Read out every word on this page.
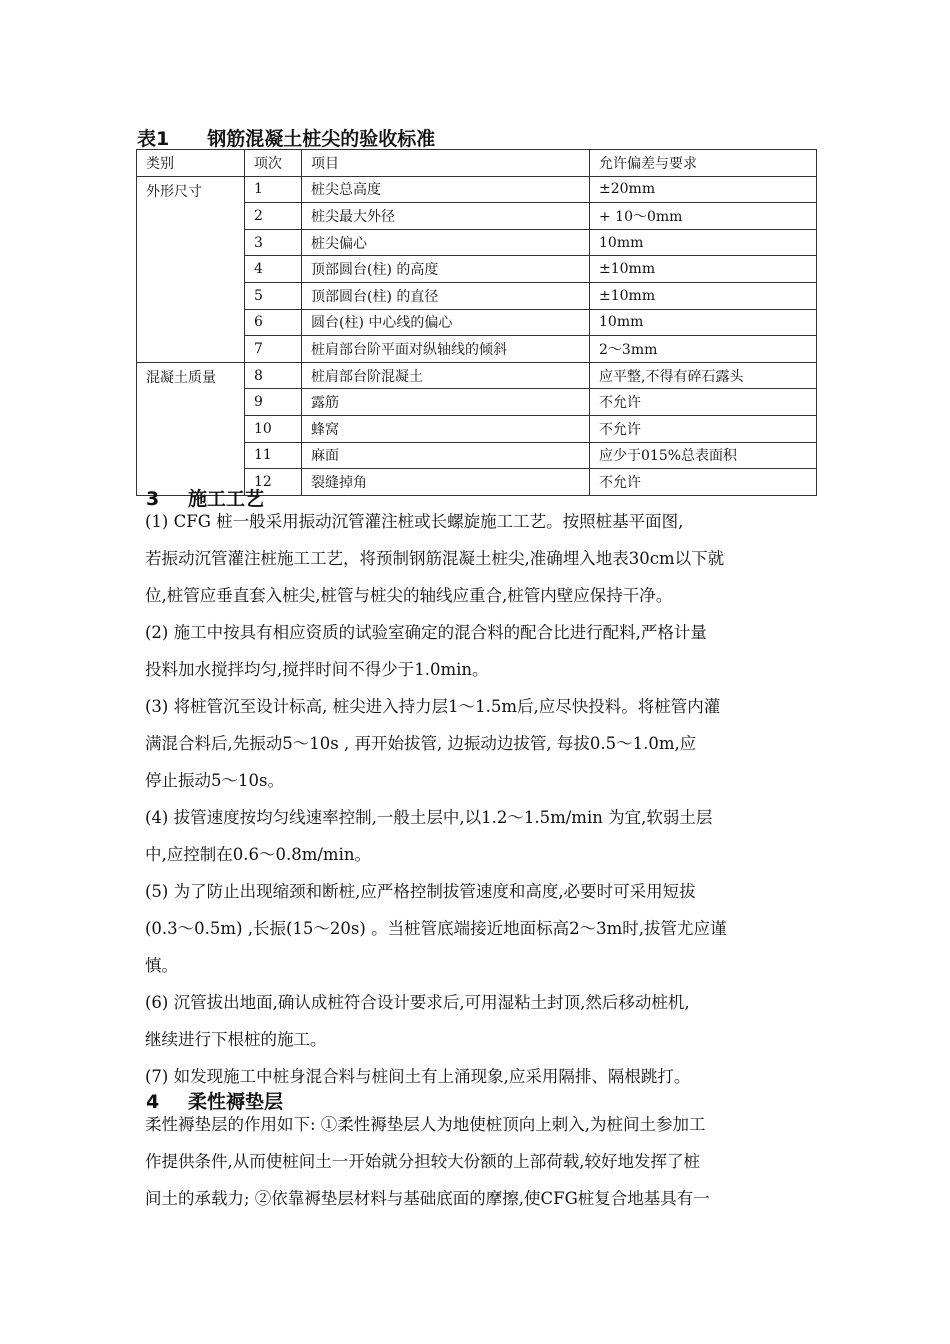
表1 钢筋混凝土桩尖的验收标准
类别	项次	项目	允许偏差与要求
外形尺寸	1	桩尖总高度	±20mm
	2	桩尖最大外径	+ 10～0mm
	3	桩尖偏心	10mm
	4	顶部圆台(柱) 的高度	±10mm
	5	顶部圆台(柱) 的直径	±10mm
	6	圆台(柱) 中心线的偏心	10mm
	7	桩肩部台阶平面对纵轴线的倾斜	2～3mm
混凝土质量	8	桩肩部台阶混凝土	应平整,不得有碎石露头
	9	露筋	不允许
	10	蜂窝	不允许
	11	麻面	应少于015%总表面积
	12	裂缝掉角	不允许
3 施工工艺
(1) CFG 桩一般采用振动沉管灌注桩或长螺旋施工工艺。按照桩基平面图,
若振动沉管灌注桩施工工艺，将预制钢筋混凝土桩尖,准确埋入地表30cm以下就
位,桩管应垂直套入桩尖,桩管与桩尖的轴线应重合,桩管内壁应保持干净。
(2) 施工中按具有相应资质的试验室确定的混合料的配合比进行配料,严格计量
投料加水搅拌均匀,搅拌时间不得少于1.0min。
(3) 将桩管沉至设计标高, 桩尖进入持力层1～1.5m后,应尽快投料。将桩管内灌
满混合料后,先振动5～10s , 再开始拔管, 边振动边拔管, 每拔0.5～1.0m,应
停止振动5～10s。
(4) 拔管速度按均匀线速率控制,一般土层中,以1.2～1.5m/min 为宜,软弱土层
中,应控制在0.6～0.8m/min。
(5) 为了防止出现缩颈和断桩,应严格控制拔管速度和高度,必要时可采用短拔
(0.3～0.5m) ,长振(15～20s) 。当桩管底端接近地面标高2～3m时,拔管尤应谨
慎。
(6) 沉管拔出地面,确认成桩符合设计要求后,可用湿粘土封顶,然后移动桩机,
继续进行下根桩的施工。
(7) 如发现施工中桩身混合料与桩间土有上涌现象,应采用隔排、隔根跳打。
4 柔性褥垫层
柔性褥垫层的作用如下: ①柔性褥垫层人为地使桩顶向上刺入,为桩间土参加工
作提供条件,从而使桩间土一开始就分担较大份额的上部荷载,较好地发挥了桩
间土的承载力; ②依靠褥垫层材料与基础底面的摩擦,使CFG桩复合地基具有一
